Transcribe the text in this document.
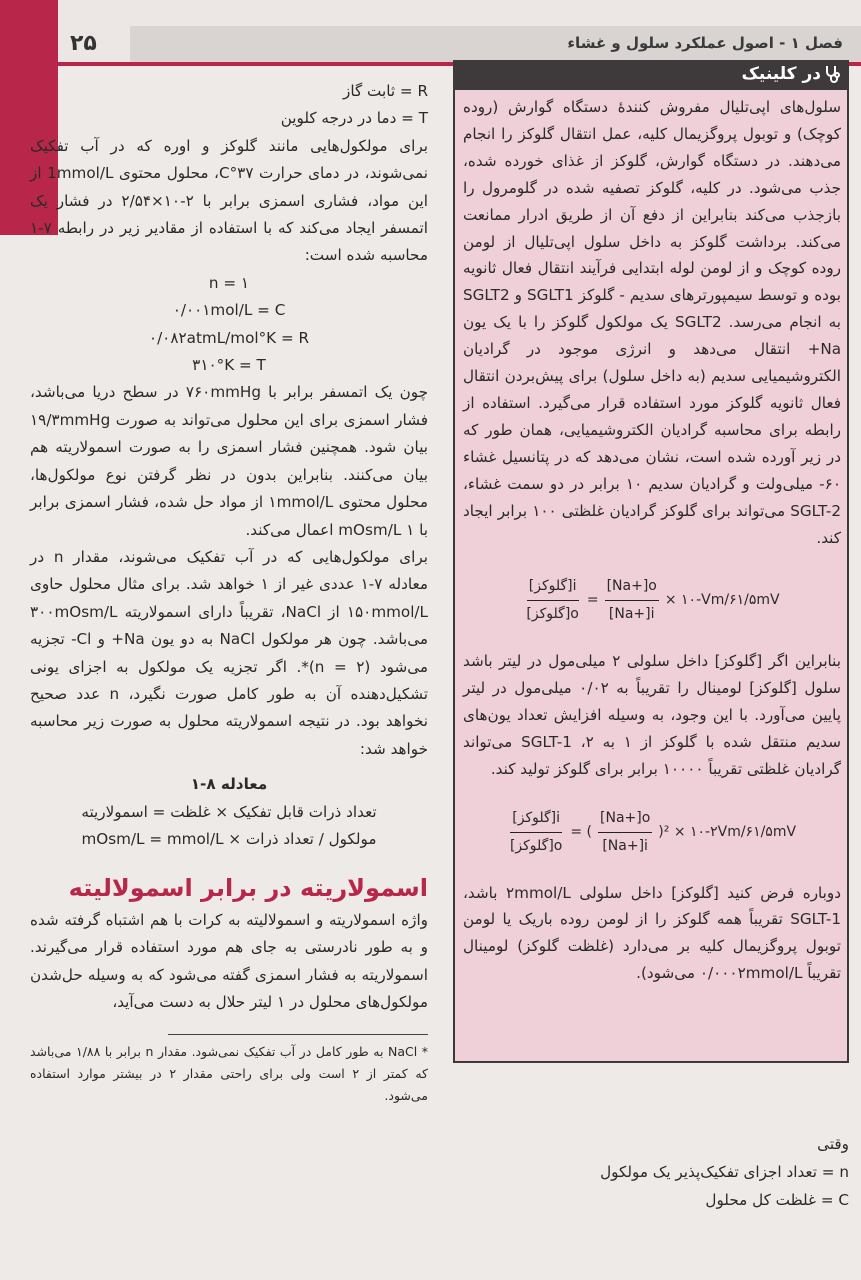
۲۵	فصل ۱ - اصول عملکرد سلول و غشاء

R = ثابت گاز

T = دما در درجه کلوین

برای مولکول‌هایی مانند گلوکز و اوره که در آب تفکیک نمی‌شوند، در دمای حرارت ۳۷°C، محلول محتوی 1mmol/L از این مواد، فشاری اسمزی برابر با ۲-۱۰×۲/۵۴ در فشار یک اتمسفر ایجاد می‌کند که با استفاده از مقادیر زیر در رابطه ۷-۱ محاسبه شده است:

۱ = n

۰/۰۰۱mol/L = C

۰/۰۸۲atmL/mol°K = R

۳۱۰°K = T

چون یک اتمسفر برابر با ۷۶۰mmHg در سطح دریا می‌باشد، فشار اسمزی برای این محلول می‌تواند به صورت ۱۹/۳mmHg بیان شود. همچنین فشار اسمزی را به صورت اسمولاریته هم بیان می‌کنند. بنابراین بدون در نظر گرفتن نوع مولکول‌ها، محلول محتوی ۱mmol/L از مواد حل شده، فشار اسمزی برابر با ۱ mOsm/L اعمال می‌کند.

برای مولکول‌هایی که در آب تفکیک می‌شوند، مقدار n در معادله ۷-۱ عددی غیر از ۱ خواهد شد. برای مثال محلول حاوی ۱۵۰mmol/L از NaCl، تقریباً دارای اسمولاریته ۳۰۰mOsm/L می‌باشد. چون هر مولکول NaCl به دو یون Na+ و Cl- تجزیه می‌شود (۲ = n)*. اگر تجزیه یک مولکول به اجزای یونی تشکیل‌دهنده آن به طور کامل صورت نگیرد، n عدد صحیح نخواهد بود. در نتیجه اسمولاریته محلول به صورت زیر محاسبه خواهد شد:

معادله ۸-۱

تعداد ذرات قابل تفکیک × غلظت = اسمولاریته

مولکول / تعداد ذرات × mOsm/L = mmol/L

اسمولاریته در برابر اسمولالیته

واژه اسمولاریته و اسمولالیته به کرات با هم اشتباه گرفته شده و به طور نادرستی به جای هم مورد استفاده قرار می‌گیرند. اسمولاریته به فشار اسمزی گفته می‌شود که به وسیله حل‌شدن مولکول‌های محلول در ۱ لیتر حلال به دست می‌آید،

* NaCl به طور کامل در آب تفکیک نمی‌شود. مقدار n برابر با ۱/۸۸ می‌باشد که کمتر از ۲ است ولی برای راحتی مقدار ۲ در بیشتر موارد استفاده می‌شود.

در کلینیک

سلول‌های اپی‌تلیال مفروش کنندهٔ دستگاه گوارش (روده کوچک) و توبول پروگزیمال کلیه، عمل انتقال گلوکز را انجام می‌دهند. در دستگاه گوارش، گلوکز از غذای خورده شده، جذب می‌شود. در کلیه، گلوکز تصفیه شده در گلومرول را بازجذب می‌کند بنابراین از دفع آن از طریق ادرار ممانعت می‌کند. برداشت گلوکز به داخل سلول اپی‌تلیال از لومن روده کوچک و از لومن لوله ابتدایی فرآیند انتقال فعال ثانویه بوده و توسط سیمپورترهای سدیم - گلوکز SGLT1 و SGLT2 به انجام می‌رسد. SGLT2 یک مولکول گلوکز را با یک یون Na+ انتقال می‌دهد و انرژی موجود در گرادیان الکتروشیمیایی سدیم (به داخل سلول) برای پیش‌بردن انتقال فعال ثانویه گلوکز مورد استفاده قرار می‌گیرد. استفاده از رابطه برای محاسبه گرادیان الکتروشیمیایی، همان طور که در زیر آورده شده است، نشان می‌دهد که در پتانسیل غشاء ۶۰- میلی‌ولت و گرادیان سدیم ۱۰ برابر در دو سمت غشاء، SGLT-2 می‌تواند برای گلوکز گرادیان غلظتی ۱۰۰ برابر ایجاد کند.

$\frac{\text{[گلوکز]i}}{\text{[گلوکز]o}} = \frac{[Na+]o}{[Na+]i}$ × ۱۰-Vm/۶۱/۵mV

بنابراین اگر [گلوکز] داخل سلولی ۲ میلی‌مول در لیتر باشد سلول [گلوکز] لومینال را تقریباً به ۰/۰۲ میلی‌مول در لیتر پایین می‌آورد. با این وجود، به وسیله افزایش تعداد یون‌های سدیم منتقل شده با گلوکز از ۱ به ۲، SGLT-1 می‌تواند گرادیان غلظتی تقریباً ۱۰۰۰۰ برابر برای گلوکز تولید کند.

$\frac{\text{[گلوکز]i}}{\text{[گلوکز]o}}$ = ( $\frac{[Na+]o}{[Na+]i} )^2$ × ۱۰-۲Vm/۶۱/۵mV

دوباره فرض کنید [گلوکز] داخل سلولی ۲mmol/L باشد، SGLT-1 تقریباً همه گلوکز را از لومن روده باریک یا لومن توبول پروگزیمال کلیه بر می‌دارد (غلظت گلوکز) لومینال تقریباً ۰/۰۰۰۲mmol/L می‌شود).

وقتی

n = تعداد اجزای تفکیک‌پذیر یک مولکول

C = غلظت کل محلول
